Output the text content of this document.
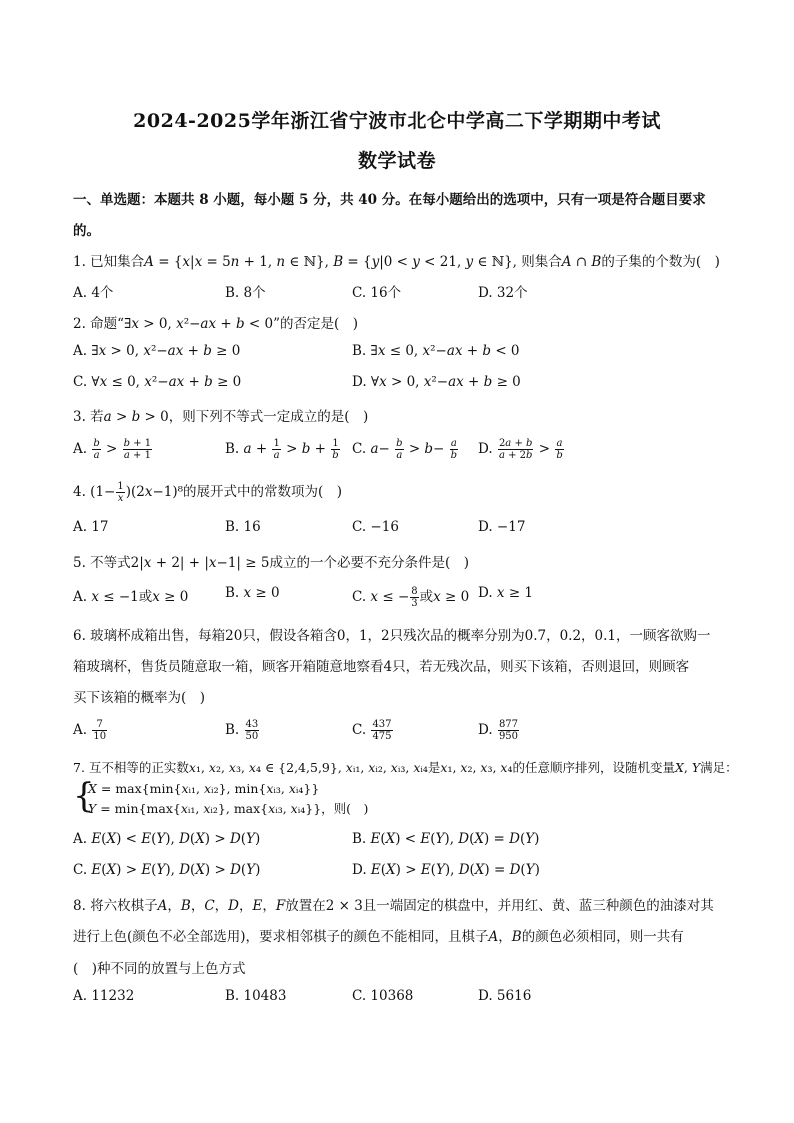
2024-2025学年浙江省宁波市北仑中学高二下学期期中考试
数学试卷
一、单选题：本题共 8 小题，每小题 5 分，共 40 分。在每小题给出的选项中，只有一项是符合题目要求
的。
1. 已知集合𝐴 = {𝑥|𝑥 = 5𝑛 + 1, 𝑛 ∈ ℕ}, 𝐵 = {𝑦|0 < 𝑦 < 21, 𝑦 ∈ ℕ}, 则集合𝐴 ∩ 𝐵的子集的个数为(　)
A. 4个	B. 8个	C. 16个	D. 32个
2. 命题“∃𝑥 > 0, 𝑥²−𝑎𝑥 + 𝑏 < 0”的否定是(　)
A. ∃𝑥 > 0, 𝑥²−𝑎𝑥 + 𝑏 ≥ 0	B. ∃𝑥 ≤ 0, 𝑥²−𝑎𝑥 + 𝑏 < 0
C. ∀𝑥 ≤ 0, 𝑥²−𝑎𝑥 + 𝑏 ≥ 0	D. ∀𝑥 > 0, 𝑥²−𝑎𝑥 + 𝑏 ≥ 0
3. 若𝑎 > 𝑏 > 0，则下列不等式一定成立的是(　)
A. $\frac{\text{𝑏}}{\text{𝑎}} > \frac{\text{𝑏 + 1}}{\text{𝑎 + 1}}$	B. 𝑎 + $\frac{1}{\text{𝑎}}$ > 𝑏 + $\frac{1}{\text{𝑏}} C$. 𝑎− $\frac{\text{𝑏}}{\text{𝑎}}$ > 𝑏− $\frac{\text{𝑎}}{\text{𝑏}} D$. $\frac{\text{2𝑎 + 𝑏}}{\text{𝑎 + 2𝑏}} > \frac{\text{𝑎}}{\text{𝑏}}$
4. ($1- \frac{1}{\text{𝑥}}$ )(2𝑥−1)⁸的展开式中的常数项为(　)
A. 17	B. 16	C. −16	D. −17
5. 不等式2|𝑥 + 2| + |𝑥−1| ≥ 5成立的一个必要不充分条件是(　)
A. 𝑥 ≤ −1或𝑥 ≥ 0	B. 𝑥 ≥ 0	C. 𝑥 ≤ − $\frac{8}{3}$ 或𝑥 ≥ 0 D. 𝑥 ≥ 1
6. 玻璃杯成箱出售，每箱20只，假设各箱含0，1，2只残次品的概率分别为0.7，0.2，0.1，一顾客欲购一
箱玻璃杯，售货员随意取一箱，顾客开箱随意地察看4只，若无残次品，则买下该箱，否则退回，则顾客
买下该箱的概率为(　)
A. $\frac{7}{10}$	B. $\frac{43}{50}$	C. $\frac{437}{475}$	D. $\frac{877}{950}$
7. 互不相等的正实数𝑥₁, 𝑥₂, 𝑥₃, 𝑥₄ ∈ {2,4,5,9}, 𝑥ᵢ₁, 𝑥ᵢ₂, 𝑥ᵢ₃, 𝑥ᵢ₄是𝑥₁, 𝑥₂, 𝑥₃, 𝑥₄的任意顺序排列，设随机变量𝑋, 𝑌满足：
{
𝑋 = max{min{𝑥ᵢ₁, 𝑥ᵢ₂}, min{𝑥ᵢ₃, 𝑥ᵢ₄}}
𝑌 = min{max{𝑥ᵢ₁, 𝑥ᵢ₂}, max{𝑥ᵢ₃, 𝑥ᵢ₄}}，则(　)
A. 𝐸(𝑋) < 𝐸(𝑌), 𝐷(𝑋) > 𝐷(𝑌)	B. 𝐸(𝑋) < 𝐸(𝑌), 𝐷(𝑋) = 𝐷(𝑌)
C. 𝐸(𝑋) > 𝐸(𝑌), 𝐷(𝑋) > 𝐷(𝑌)	D. 𝐸(𝑋) > 𝐸(𝑌), 𝐷(𝑋) = 𝐷(𝑌)
8. 将六枚棋子𝐴，𝐵，𝐶，𝐷，𝐸，𝐹放置在2 × 3且一端固定的棋盘中，并用红、黄、蓝三种颜色的油漆对其
进行上色(颜色不必全部选用)，要求相邻棋子的颜色不能相同，且棋子𝐴，𝐵的颜色必须相同，则一共有
(　)种不同的放置与上色方式
A. 11232	B. 10483	C. 10368	D. 5616
